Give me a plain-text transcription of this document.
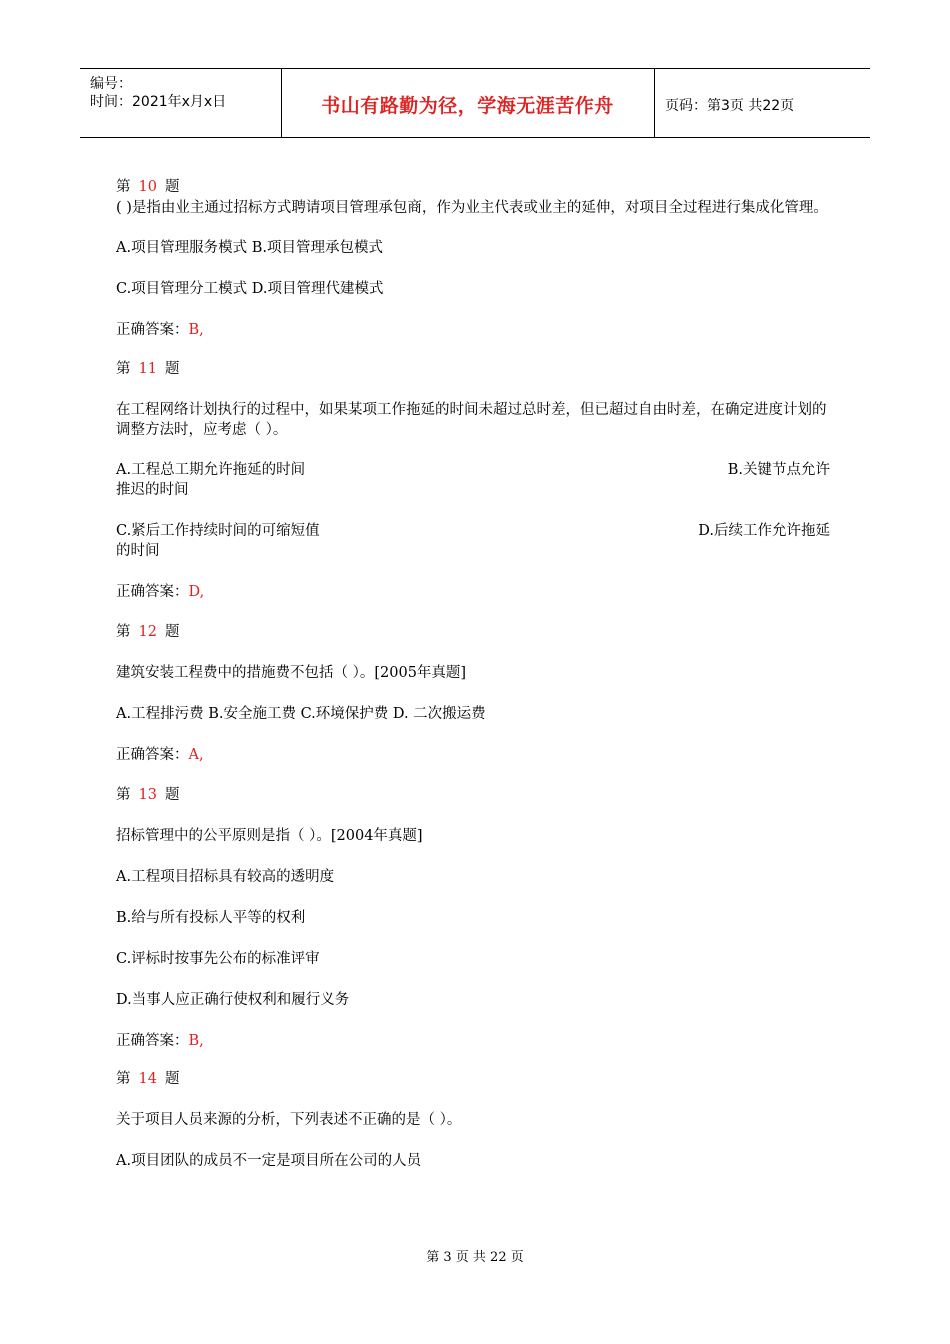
编号：
时间：2021年x月x日	书山有路勤为径，学海无涯苦作舟	页码：第3页 共22页
第 10 题
( )是指由业主通过招标方式聘请项目管理承包商，作为业主代表或业主的延伸，对项目全过程进行集成化管理。
A.项目管理服务模式 B.项目管理承包模式
C.项目管理分工模式 D.项目管理代建模式
正确答案：B,
第 11 题
在工程网络计划执行的过程中，如果某项工作拖延的时间未超过总时差，但已超过自由时差，在确定进度计划的调整方法时，应考虑（ ）。
A.工程总工期允许拖延的时间	B.关键节点允许
推迟的时间
C.紧后工作持续时间的可缩短值	D.后续工作允许拖延
的时间
正确答案：D,
第 12 题
建筑安装工程费中的措施费不包括（ ）。[2005年真题]
A.工程排污费 B.安全施工费 C.环境保护费 D. 二次搬运费
正确答案：A,
第 13 题
招标管理中的公平原则是指（ ）。[2004年真题]
A.工程项目招标具有较高的透明度
B.给与所有投标人平等的权利
C.评标时按事先公布的标准评审
D.当事人应正确行使权利和履行义务
正确答案：B,
第 14 题
关于项目人员来源的分析，下列表述不正确的是（ ）。
A.项目团队的成员不一定是项目所在公司的人员
第 3 页 共 22 页
